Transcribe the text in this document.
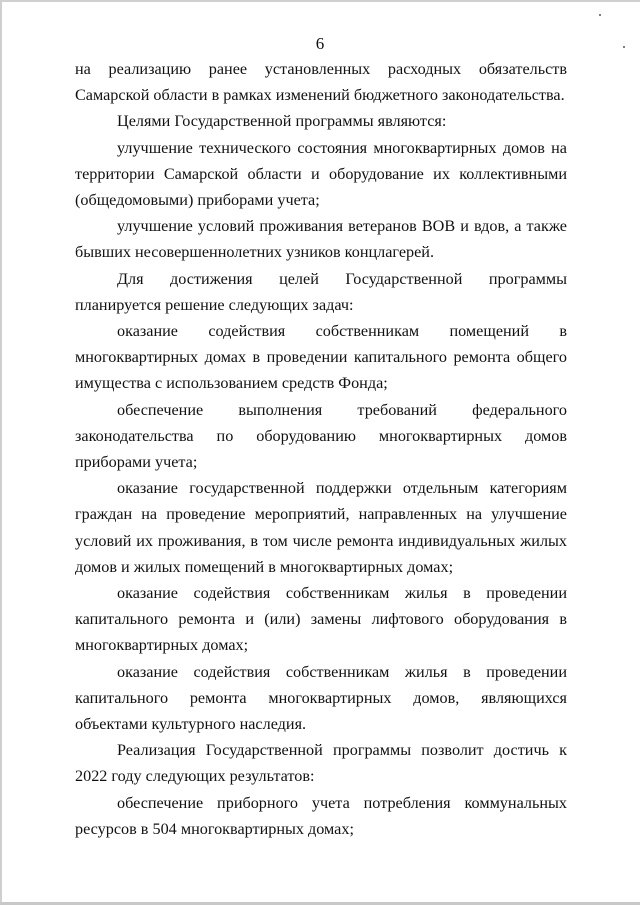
6

на реализацию ранее установленных расходных обязательств Самарской области в рамках изменений бюджетного законодательства.

Целями Государственной программы являются:

улучшение технического состояния многоквартирных домов на территории Самарской области и оборудование их коллективными (общедомовыми) приборами учета;

улучшение условий проживания ветеранов ВОВ и вдов, а также бывших несовершеннолетних узников концлагерей.

Для достижения целей Государственной программы планируется решение следующих задач:

оказание содействия собственникам помещений в многоквартирных домах в проведении капитального ремонта общего имущества с использованием средств Фонда;

обеспечение выполнения требований федерального законодательства по оборудованию многоквартирных домов приборами учета;

оказание государственной поддержки отдельным категориям граждан на проведение мероприятий, направленных на улучшение условий их проживания, в том числе ремонта индивидуальных жилых домов и жилых помещений в многоквартирных домах;

оказание содействия собственникам жилья в проведении капитального ремонта и (или) замены лифтового оборудования в многоквартирных домах;

оказание содействия собственникам жилья в проведении капитального ремонта многоквартирных домов, являющихся объектами культурного наследия.

Реализация Государственной программы позволит достичь к 2022 году следующих результатов:

обеспечение приборного учета потребления коммунальных ресурсов в 504 многоквартирных домах;
